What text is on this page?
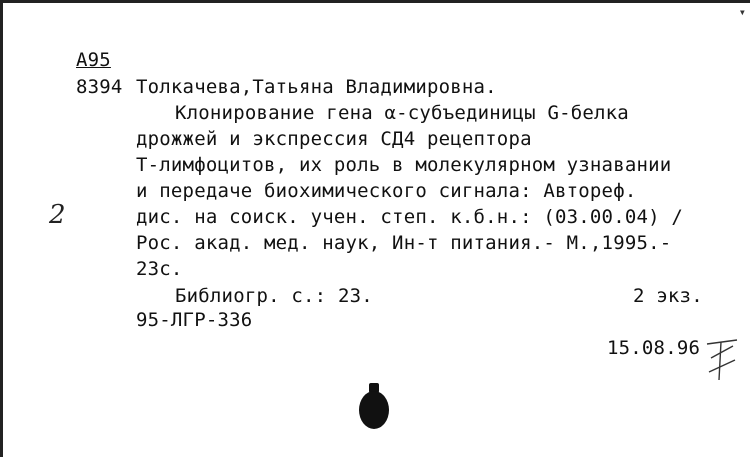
▾
А95
8394 Толкачева,Татьяна Владимировна.
Клонирование гена α-субъединицы G-белка
дрожжей и экспрессия СД4 рецептора
Т-лимфоцитов, их роль в молекулярном узнавании
и передаче биохимического сигнала: Автореф.
дис. на соиск. учен. степ. к.б.н.: (03.00.04) /
Рос. акад. мед. наук, Ин-т питания.- М.,1995.-
23с.
Библиогр. с.: 23.	2 экз.
95-ЛГР-336
15.08.96
2
